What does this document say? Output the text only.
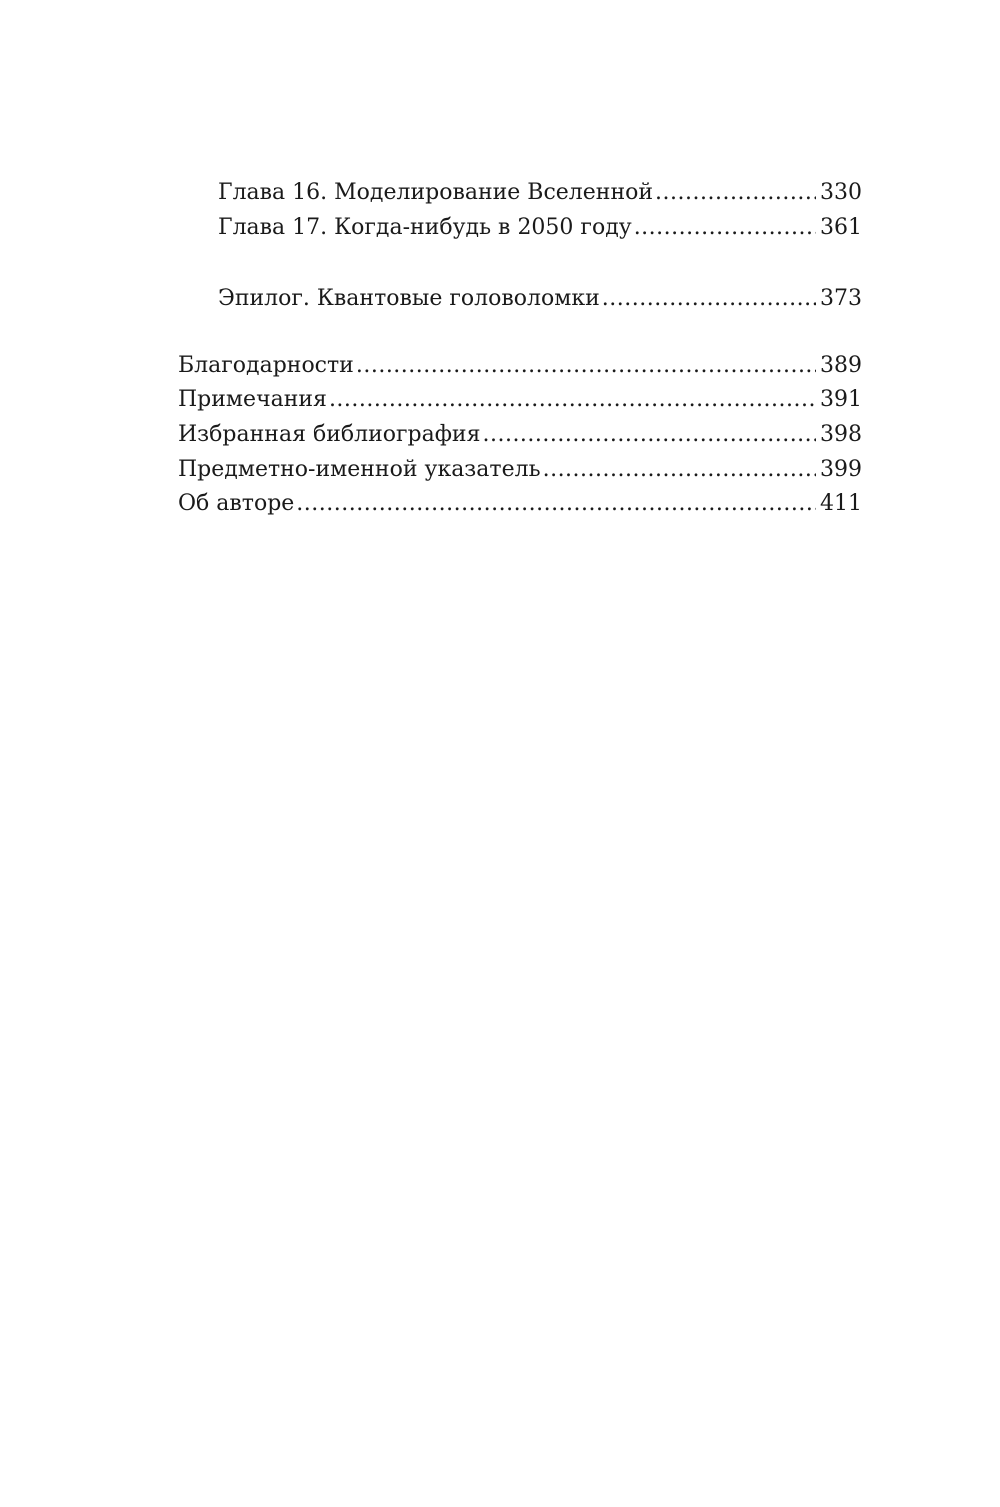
Глава 16. Моделирование Вселенной .....	330
Глава 17. Когда-нибудь в 2050 году .....	361
Эпилог. Квантовые головоломки .....	373
Благодарности .....	389
Примечания .....	391
Избранная библиография .....	398
Предметно-именной указатель .....	399
Об авторе .....	411
